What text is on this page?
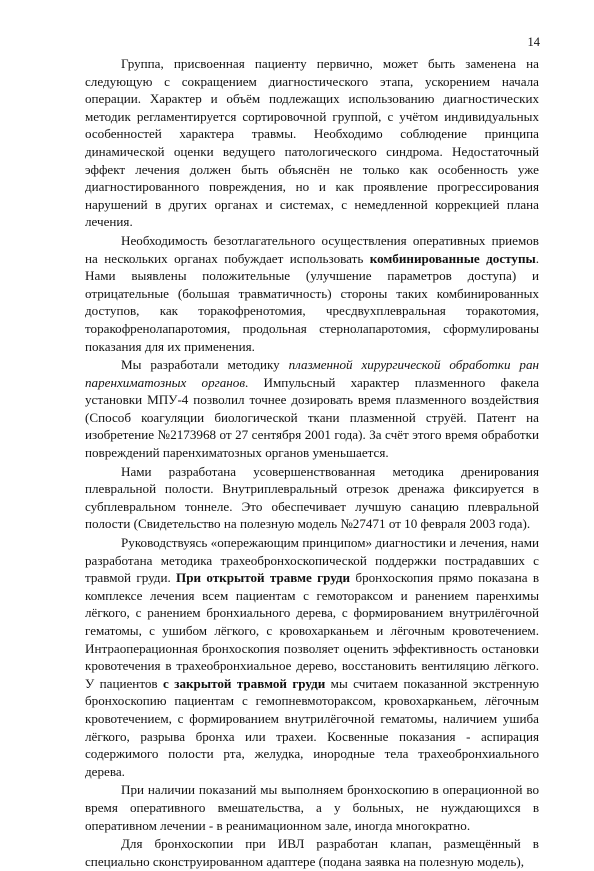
14

Группа, присвоенная пациенту первично, может быть заменена на следующую с сокращением диагностического этапа, ускорением начала операции. Характер и объём подлежащих использованию диагностических методик регламентируется сортировочной группой, с учётом индивидуальных особенностей характера травмы. Необходимо соблюдение принципа динамической оценки ведущего патологического синдрома. Недостаточный эффект лечения должен быть объяснён не только как особенность уже диагностированного повреждения, но и как проявление прогрессирования нарушений в других органах и системах, с немедленной коррекцией плана лечения.

Необходимость безотлагательного осуществления оперативных приемов на нескольких органах побуждает использовать комбинированные доступы. Нами выявлены положительные (улучшение параметров доступа) и отрицательные (большая травматичность) стороны таких комбинированных доступов, как торакофренотомия, чресдвухплевральная торакотомия, торакофренолапаротомия, продольная стернолапаротомия, сформулированы показания для их применения.

Мы разработали методику плазменной хирургической обработки ран паренхиматозных органов. Импульсный характер плазменного факела установки МПУ-4 позволил точнее дозировать время плазменного воздействия (Способ коагуляции биологической ткани плазменной струёй. Патент на изобретение №2173968 от 27 сентября 2001 года). За счёт этого время обработки повреждений паренхиматозных органов уменьшается.

Нами разработана усовершенствованная методика дренирования плевральной полости. Внутриплевральный отрезок дренажа фиксируется в субплевральном тоннеле. Это обеспечивает лучшую санацию плевральной полости (Свидетельство на полезную модель №27471 от 10 февраля 2003 года).

Руководствуясь «опережающим принципом» диагностики и лечения, нами разработана методика трахеобронхоскопической поддержки пострадавших с травмой груди. При открытой травме груди бронхоскопия прямо показана в комплексе лечения всем пациентам с гемотораксом и ранением паренхимы лёгкого, с ранением бронхиального дерева, с формированием внутрилёгочной гематомы, с ушибом лёгкого, с кровохарканьем и лёгочным кровотечением. Интраоперационная бронхоскопия позволяет оценить эффективность остановки кровотечения в трахеобронхиальное дерево, восстановить вентиляцию лёгкого. У пациентов с закрытой травмой груди мы считаем показанной экстренную бронхоскопию пациентам с гемопневмотораксом, кровохарканьем, лёгочным кровотечением, с формированием внутрилёгочной гематомы, наличием ушиба лёгкого, разрыва бронха или трахеи. Косвенные показания - аспирация содержимого полости рта, желудка, инородные тела трахеобронхиального дерева.

При наличии показаний мы выполняем бронхоскопию в операционной во время оперативного вмешательства, а у больных, не нуждающихся в оперативном лечении - в реанимационном зале, иногда многократно.

Для бронхоскопии при ИВЛ разработан клапан, размещённый в специально сконструированном адаптере (подана заявка на полезную модель),
